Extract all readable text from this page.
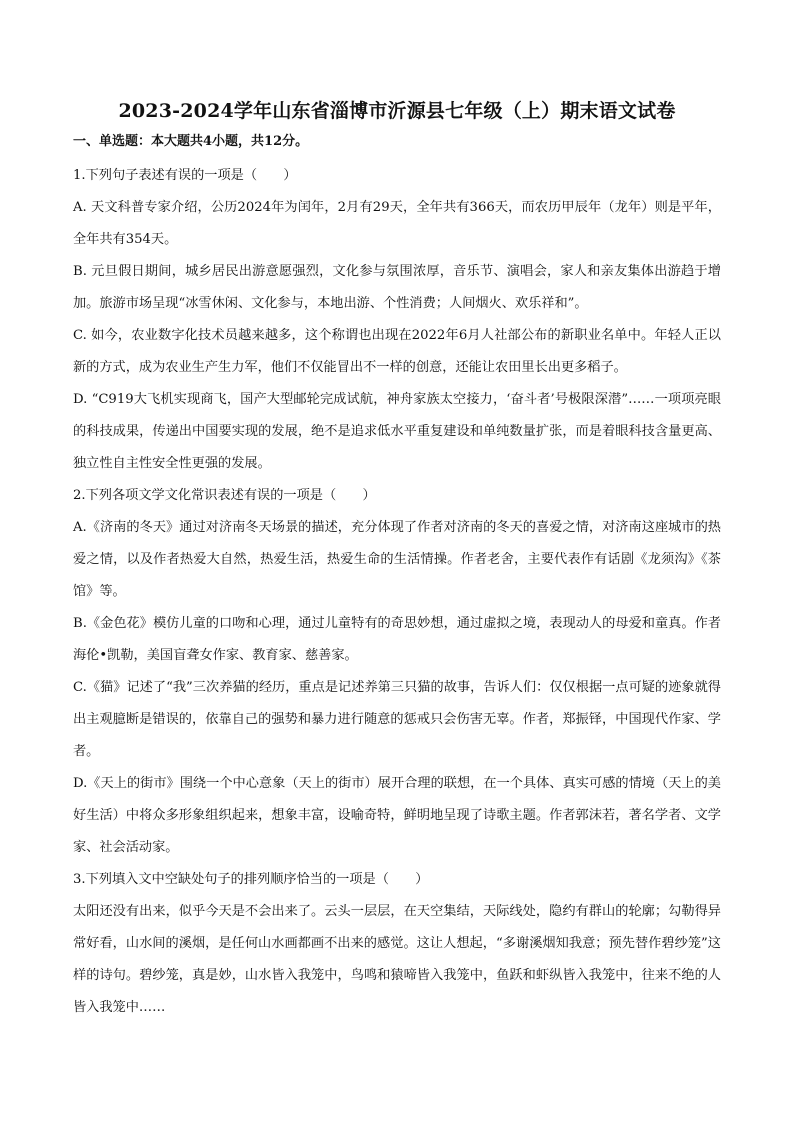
2023-2024学年山东省淄博市沂源县七年级（上）期末语文试卷
一、单选题：本大题共4小题，共12分。

1.下列句子表述有误的一项是（　　）

A. 天文科普专家介绍，公历2024年为闰年，2月有29天，全年共有366天，而农历甲辰年（龙年）则是平年，全年共有354天。

B. 元旦假日期间，城乡居民出游意愿强烈，文化参与氛围浓厚，音乐节、演唱会，家人和亲友集体出游趋于增加。旅游市场呈现“冰雪休闲、文化参与，本地出游、个性消费；人间烟火、欢乐祥和”。

C. 如今，农业数字化技术员越来越多，这个称谓也出现在2022年6月人社部公布的新职业名单中。年轻人正以新的方式，成为农业生产生力军，他们不仅能冒出不一样的创意，还能让农田里长出更多稻子。

D. “C919大飞机实现商飞，国产大型邮轮完成试航，神舟家族太空接力，‘奋斗者’号极限深潜”……一项项亮眼的科技成果，传递出中国要实现的发展，绝不是追求低水平重复建设和单纯数量扩张，而是着眼科技含量更高、独立性自主性安全性更强的发展。

2.下列各项文学文化常识表述有误的一项是（　　）

A.《济南的冬天》通过对济南冬天场景的描述，充分体现了作者对济南的冬天的喜爱之情，对济南这座城市的热爱之情，以及作者热爱大自然，热爱生活，热爱生命的生活情操。作者老舍，主要代表作有话剧《龙须沟》《茶馆》等。

B.《金色花》模仿儿童的口吻和心理，通过儿童特有的奇思妙想，通过虚拟之境，表现动人的母爱和童真。作者海伦•凯勒，美国盲聋女作家、教育家、慈善家。

C.《猫》记述了“我”三次养猫的经历，重点是记述养第三只猫的故事，告诉人们：仅仅根据一点可疑的迹象就得出主观臆断是错误的，依靠自己的强势和暴力进行随意的惩戒只会伤害无辜。作者，郑振铎，中国现代作家、学者。

D.《天上的街市》围绕一个中心意象（天上的街市）展开合理的联想，在一个具体、真实可感的情境（天上的美好生活）中将众多形象组织起来，想象丰富，设喻奇特，鲜明地呈现了诗歌主题。作者郭沫若，著名学者、文学家、社会活动家。

3.下列填入文中空缺处句子的排列顺序恰当的一项是（　　）

太阳还没有出来，似乎今天是不会出来了。云头一层层，在天空集结，天际线处，隐约有群山的轮廓；勾勒得异常好看，山水间的溪烟，是任何山水画都画不出来的感觉。这让人想起，“多谢溪烟知我意；预先替作碧纱笼”这样的诗句。碧纱笼，真是妙，山水皆入我笼中，鸟鸣和猿啼皆入我笼中，鱼跃和虾纵皆入我笼中，往来不绝的人皆入我笼中……
